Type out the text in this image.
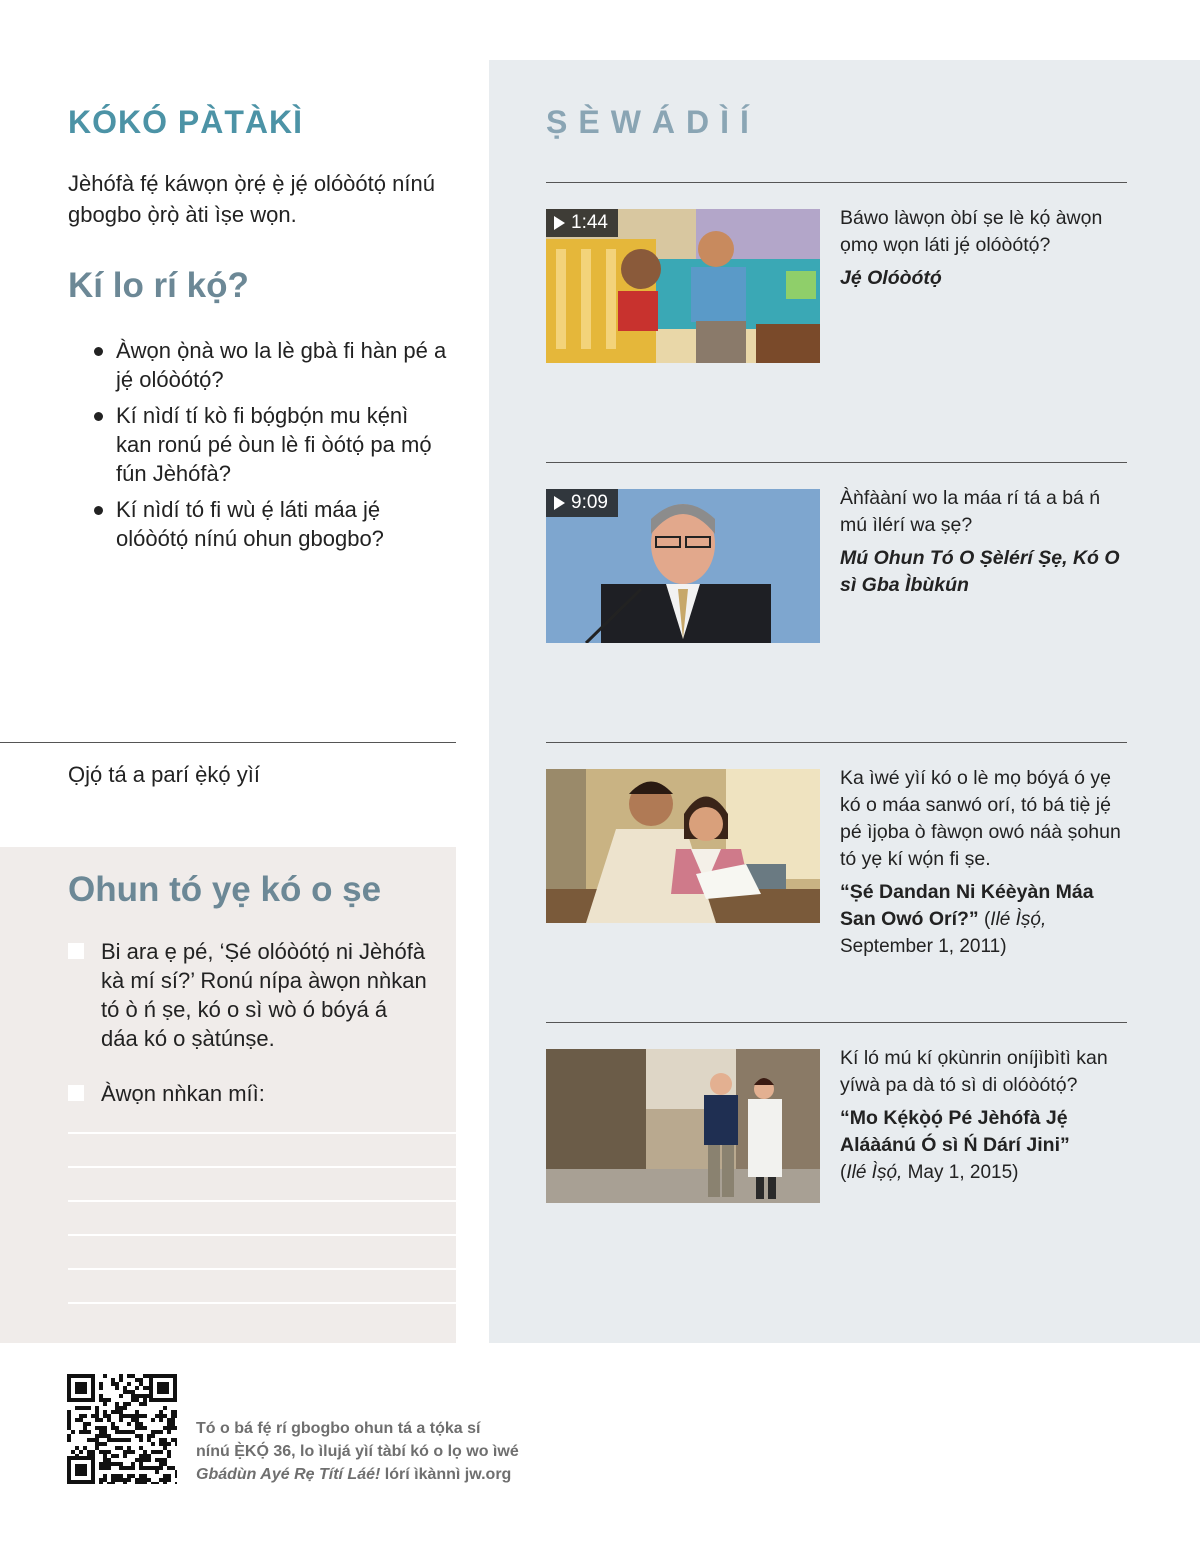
KÓKÓ PÀTÀKÌ
Jèhófà fẹ́ káwọn ọ̀rẹ́ ẹ̀ jẹ́ olóòótọ́ nínú gbogbo ọ̀rọ̀ àti ìṣe wọn.
Kí lo rí kọ́?
Àwọn ọ̀nà wo la lè gbà fi hàn pé a jẹ́ olóòótọ́?
Kí nìdí tí kò fi bọ́gbọ́n mu kẹ́nì kan ronú pé òun lè fi òótọ́ pa mọ́ fún Jèhófà?
Kí nìdí tó fi wù ẹ́ láti máa jẹ́ olóòótọ́ nínú ohun gbogbo?
Ọjọ́ tá a parí ẹ̀kọ́ yìí
Ohun tó yẹ kó o ṣe
Bi ara ẹ pé, ‘Ṣé olóòótọ́ ni Jèhófà kà mí sí?’ Ronú nípa àwọn nǹkan tó ò ń ṣe, kó o sì wò ó bóyá á dáa kó o ṣàtúnṣe.
Àwọn nǹkan míì:
ṢÈWÁDÌÍ
1:44	Báwo làwọn òbí ṣe lè kọ́ àwọn ọmọ wọn láti jẹ́ olóòótọ́?
Jẹ́ Olóòótọ́
9:09	Àǹfààní wo la máa rí tá a bá ń mú ìlérí wa ṣẹ?
Mú Ohun Tó O Ṣèlérí Ṣẹ, Kó O sì Gba Ìbùkún
Ka ìwé yìí kó o lè mọ bóyá ó yẹ kó o máa sanwó orí, tó bá tiẹ̀ jẹ́ pé ìjọba ò fàwọn owó náà ṣohun tó yẹ kí wọ́n fi ṣe.
“Ṣé Dandan Ni Kéèyàn Máa San Owó Orí?” (Ilé Ìṣọ́, September 1, 2011)
Kí ló mú kí ọkùnrin oníjìbìtì kan yíwà pa dà tó sì di olóòótọ́?
“Mo Kẹ́kọ̀ọ́ Pé Jèhófà Jẹ́ Aláàánú Ó sì Ń Dárí Jini”
(Ilé Ìṣọ́, May 1, 2015)
Tó o bá fẹ́ rí gbogbo ohun tá a tọ́ka sí
nínú Ẹ̀KỌ́ 36, lo ìlujá yìí tàbí kó o lọ wo ìwé
Gbádùn Ayé Rẹ Títí Láé! lórí ìkànnì jw.org
